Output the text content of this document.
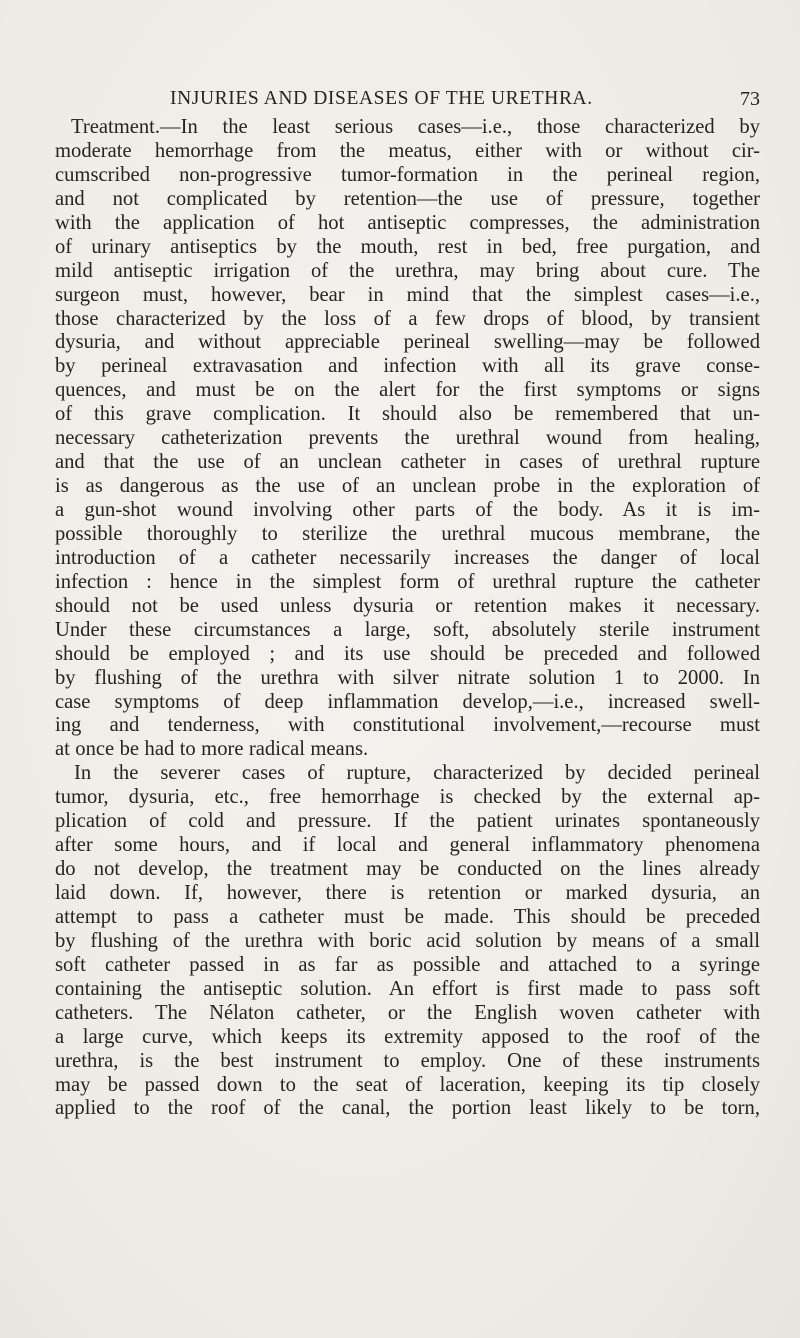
INJURIES AND DISEASES OF THE URETHRA.	73
Treatment.—In the least serious cases—i.e., those characterized by
moderate hemorrhage from the meatus, either with or without cir-
cumscribed non-progressive tumor-formation in the perineal region,
and not complicated by retention—the use of pressure, together
with the application of hot antiseptic compresses, the administration
of urinary antiseptics by the mouth, rest in bed, free purgation, and
mild antiseptic irrigation of the urethra, may bring about cure. The
surgeon must, however, bear in mind that the simplest cases—i.e.,
those characterized by the loss of a few drops of blood, by transient
dysuria, and without appreciable perineal swelling—may be followed
by perineal extravasation and infection with all its grave conse-
quences, and must be on the alert for the first symptoms or signs
of this grave complication. It should also be remembered that un-
necessary catheterization prevents the urethral wound from healing,
and that the use of an unclean catheter in cases of urethral rupture
is as dangerous as the use of an unclean probe in the exploration of
a gun-shot wound involving other parts of the body. As it is im-
possible thoroughly to sterilize the urethral mucous membrane, the
introduction of a catheter necessarily increases the danger of local
infection : hence in the simplest form of urethral rupture the catheter
should not be used unless dysuria or retention makes it necessary.
Under these circumstances a large, soft, absolutely sterile instrument
should be employed ; and its use should be preceded and followed
by flushing of the urethra with silver nitrate solution 1 to 2000. In
case symptoms of deep inflammation develop,—i.e., increased swell-
ing and tenderness, with constitutional involvement,—recourse must
at once be had to more radical means.
In the severer cases of rupture, characterized by decided perineal
tumor, dysuria, etc., free hemorrhage is checked by the external ap-
plication of cold and pressure. If the patient urinates spontaneously
after some hours, and if local and general inflammatory phenomena
do not develop, the treatment may be conducted on the lines already
laid down. If, however, there is retention or marked dysuria, an
attempt to pass a catheter must be made. This should be preceded
by flushing of the urethra with boric acid solution by means of a small
soft catheter passed in as far as possible and attached to a syringe
containing the antiseptic solution. An effort is first made to pass soft
catheters. The Nélaton catheter, or the English woven catheter with
a large curve, which keeps its extremity apposed to the roof of the
urethra, is the best instrument to employ. One of these instruments
may be passed down to the seat of laceration, keeping its tip closely
applied to the roof of the canal, the portion least likely to be torn,
